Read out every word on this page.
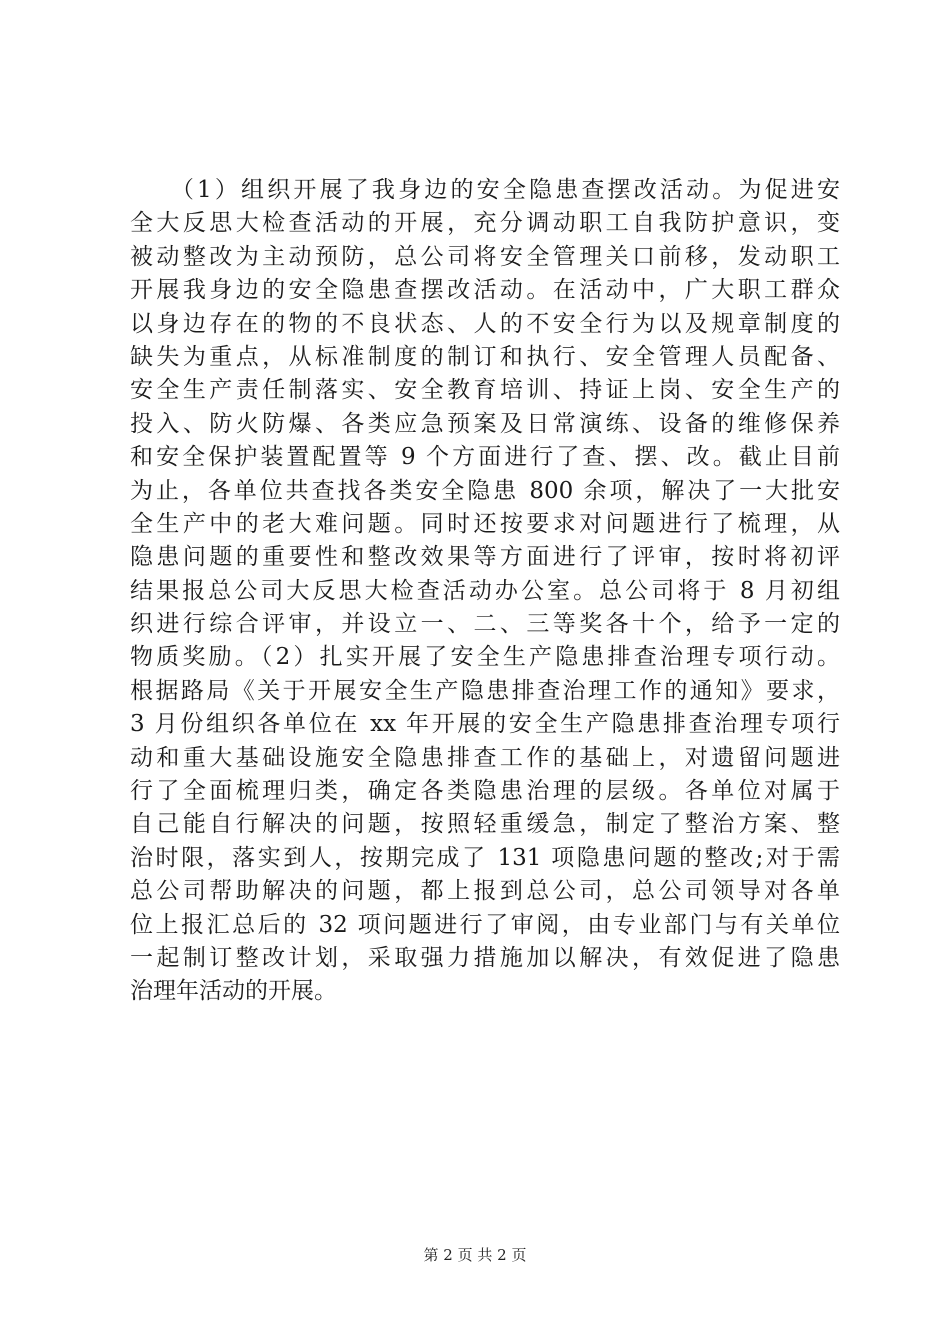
　　（1）组织开展了我身边的安全隐患查摆改活动。为促进安
全大反思大检查活动的开展，充分调动职工自我防护意识，变
被动整改为主动预防，总公司将安全管理关口前移，发动职工
开展我身边的安全隐患查摆改活动。在活动中，广大职工群众
以身边存在的物的不良状态、人的不安全行为以及规章制度的
缺失为重点，从标准制度的制订和执行、安全管理人员配备、
安全生产责任制落实、安全教育培训、持证上岗、安全生产的
投入、防火防爆、各类应急预案及日常演练、设备的维修保养
和安全保护装置配置等 9 个方面进行了查、摆、改。截止目前
为止，各单位共查找各类安全隐患 800 余项，解决了一大批安
全生产中的老大难问题。同时还按要求对问题进行了梳理，从
隐患问题的重要性和整改效果等方面进行了评审，按时将初评
结果报总公司大反思大检查活动办公室。总公司将于 8 月初组
织进行综合评审，并设立一、二、三等奖各十个，给予一定的
物质奖励。（2）扎实开展了安全生产隐患排查治理专项行动。
根据路局《关于开展安全生产隐患排查治理工作的通知》要求，
3 月份组织各单位在 xx 年开展的安全生产隐患排查治理专项行
动和重大基础设施安全隐患排查工作的基础上，对遗留问题进
行了全面梳理归类，确定各类隐患治理的层级。各单位对属于
自己能自行解决的问题，按照轻重缓急，制定了整治方案、整
治时限，落实到人，按期完成了 131 项隐患问题的整改;对于需
总公司帮助解决的问题，都上报到总公司，总公司领导对各单
位上报汇总后的 32 项问题进行了审阅，由专业部门与有关单位
一起制订整改计划，采取强力措施加以解决，有效促进了隐患
治理年活动的开展。
第 2 页 共 2 页
